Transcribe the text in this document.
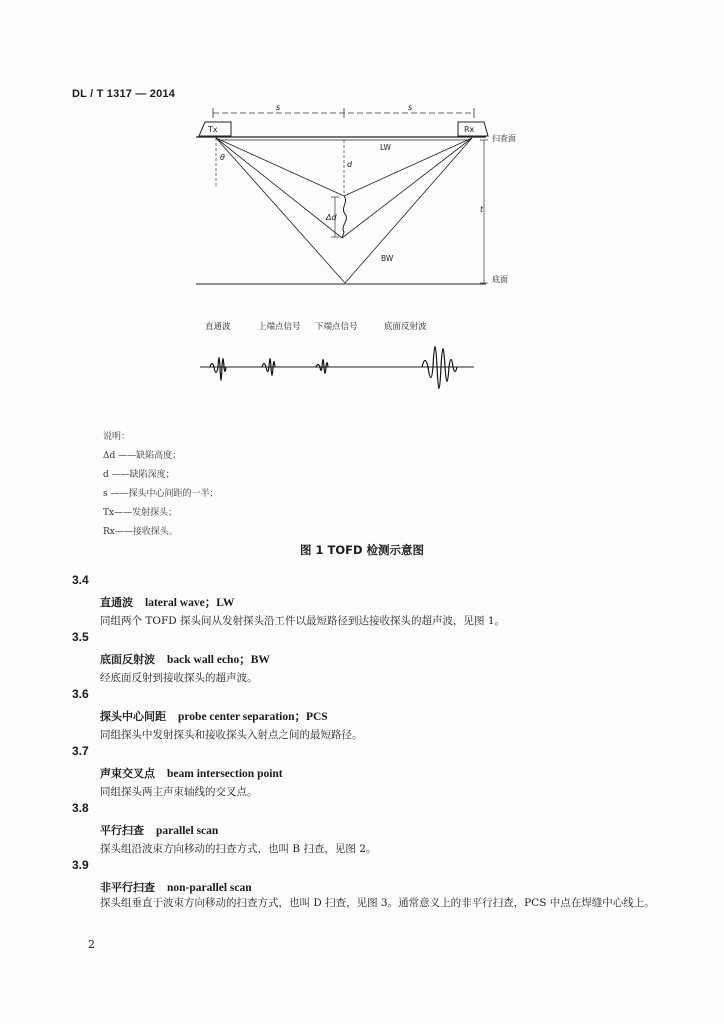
DL / T 1317 — 2014
s	s
扫查面
Tx	Rx
LW
θ
d
Δd
BW
底面
t
直通波	上端点信号 下端点信号	底面反射波
说明：
Δd ——缺陷高度；
d ——缺陷深度；
s ——探头中心间距的一半；
Tx——发射探头；
Rx——接收探头。
图 1 TOFD 检测示意图
3.4
直通波 lateral wave；LW
同组两个 TOFD 探头间从发射探头沿工件以最短路径到达接收探头的超声波，见图 1。
3.5
底面反射波 back wall echo；BW
经底面反射到接收探头的超声波。
3.6
探头中心间距 probe center separation；PCS
同组探头中发射探头和接收探头入射点之间的最短路径。
3.7
声束交叉点 beam intersection point
同组探头两主声束轴线的交叉点。
3.8
平行扫查 parallel scan
探头组沿波束方向移动的扫查方式，也叫 B 扫查，见图 2。
3.9
非平行扫查 non-parallel scan
探头组垂直于波束方向移动的扫查方式，也叫 D 扫查，见图 3。通常意义上的非平行扫查，PCS 中点在焊缝中心线上。
2
